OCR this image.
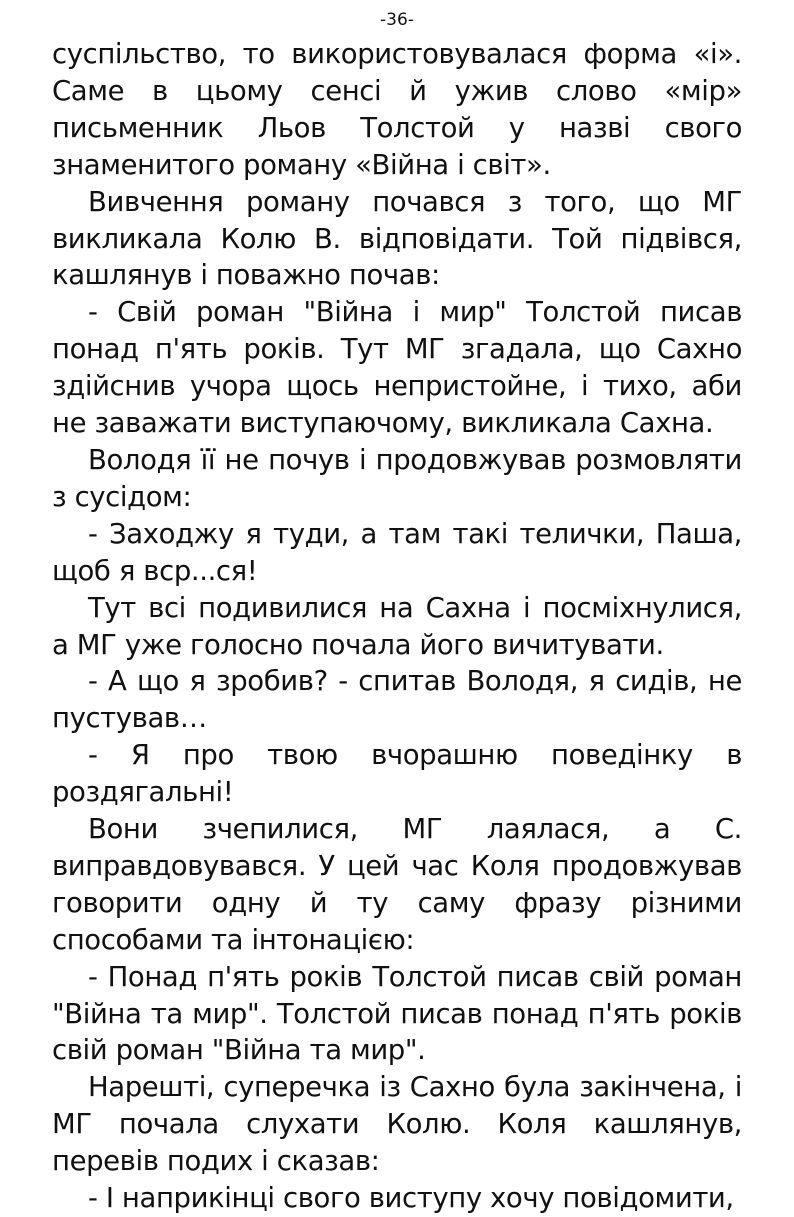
-36-

суспільство, то використовувалася форма «і». Саме в цьому сенсі й ужив слово «мір» письменник Льов Толстой у назві свого знаменитого роману «Війна і світ».

Вивчення роману почався з того, що МГ викликала Колю В. відповідати. Той підвівся, кашлянув і поважно почав:

- Свій роман "Війна і мир" Толстой писав понад п'ять років. Тут МГ згадала, що Сахно здійснив учора щось непристойне, і тихо, аби не заважати виступаючому, викликала Сахна.

Володя її не почув і продовжував розмовляти з сусідом:

- Заходжу я туди, а там такі телички, Паша, щоб я вср...ся!

Тут всі подивилися на Сахна і посміхнулися, а МГ уже голосно почала його вичитувати.

- А що я зробив? - спитав Володя, я сидів, не пустував…

- Я про твою вчорашню поведінку в роздягальні!

Вони зчепилися, МГ лаялася, а С. виправдовувався. У цей час Коля продовжував говорити одну й ту саму фразу різними способами та інтонацією:

- Понад п'ять років Толстой писав свій роман "Війна та мир". Толстой писав понад п'ять років свій роман "Війна та мир".

Нарешті, суперечка із Сахно була закінчена, і МГ почала слухати Колю. Коля кашлянув, перевів подих і сказав:

- І наприкінці свого виступу хочу повідомити,
